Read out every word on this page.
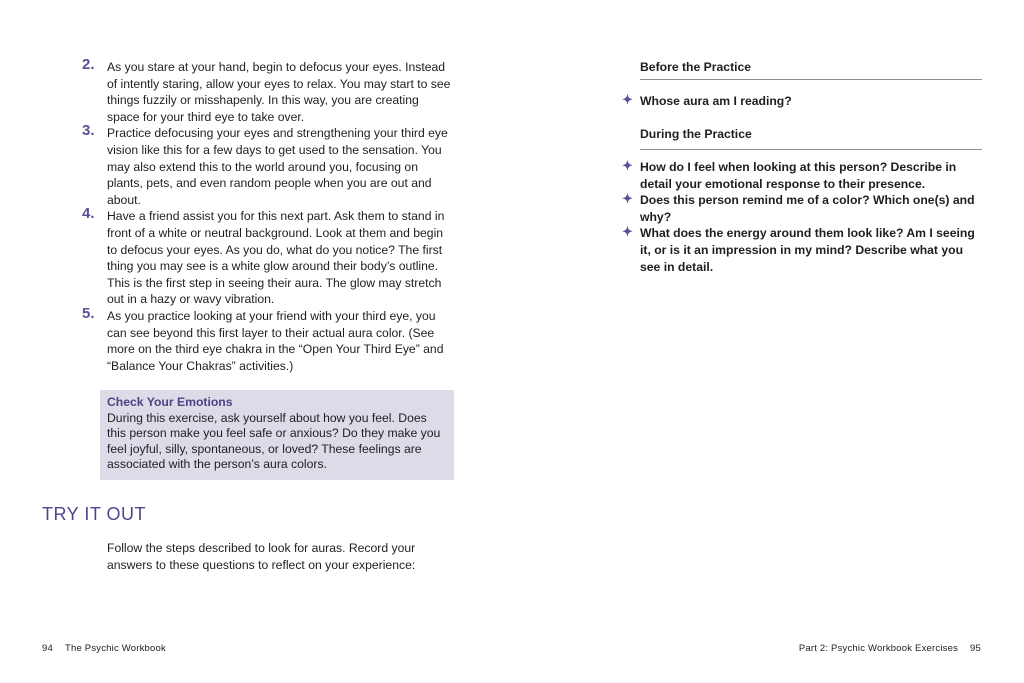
2.	As you stare at your hand, begin to defocus your eyes. Instead of intently staring, allow your eyes to relax. You may start to see things fuzzily or misshapenly. In this way, you are creating space for your third eye to take over.
3.	Practice defocusing your eyes and strengthening your third eye vision like this for a few days to get used to the sensation. You may also extend this to the world around you, focusing on plants, pets, and even random people when you are out and about.
4.	Have a friend assist you for this next part. Ask them to stand in front of a white or neutral background. Look at them and begin to defocus your eyes. As you do, what do you notice? The first thing you may see is a white glow around their body’s outline. This is the first step in seeing their aura. The glow may stretch out in a hazy or wavy vibration.
5.	As you practice looking at your friend with your third eye, you can see beyond this first layer to their actual aura color. (See more on the third eye chakra in the “Open Your Third Eye” and “Balance Your Chakras” activities.)
Check Your Emotions
During this exercise, ask yourself about how you feel. Does this person make you feel safe or anxious? Do they make you feel joyful, silly, spontaneous, or loved? These feelings are associated with the person’s aura colors.
TRY IT OUT
Follow the steps described to look for auras. Record your answers to these questions to reflect on your experience:
94 The Psychic Workbook
Before the Practice
✦ Whose aura am I reading?
During the Practice
✦ How do I feel when looking at this person? Describe in detail your emotional response to their presence.
✦ Does this person remind me of a color? Which one(s) and why?
✦ What does the energy around them look like? Am I seeing it, or is it an impression in my mind? Describe what you see in detail.
Part 2: Psychic Workbook Exercises 95
